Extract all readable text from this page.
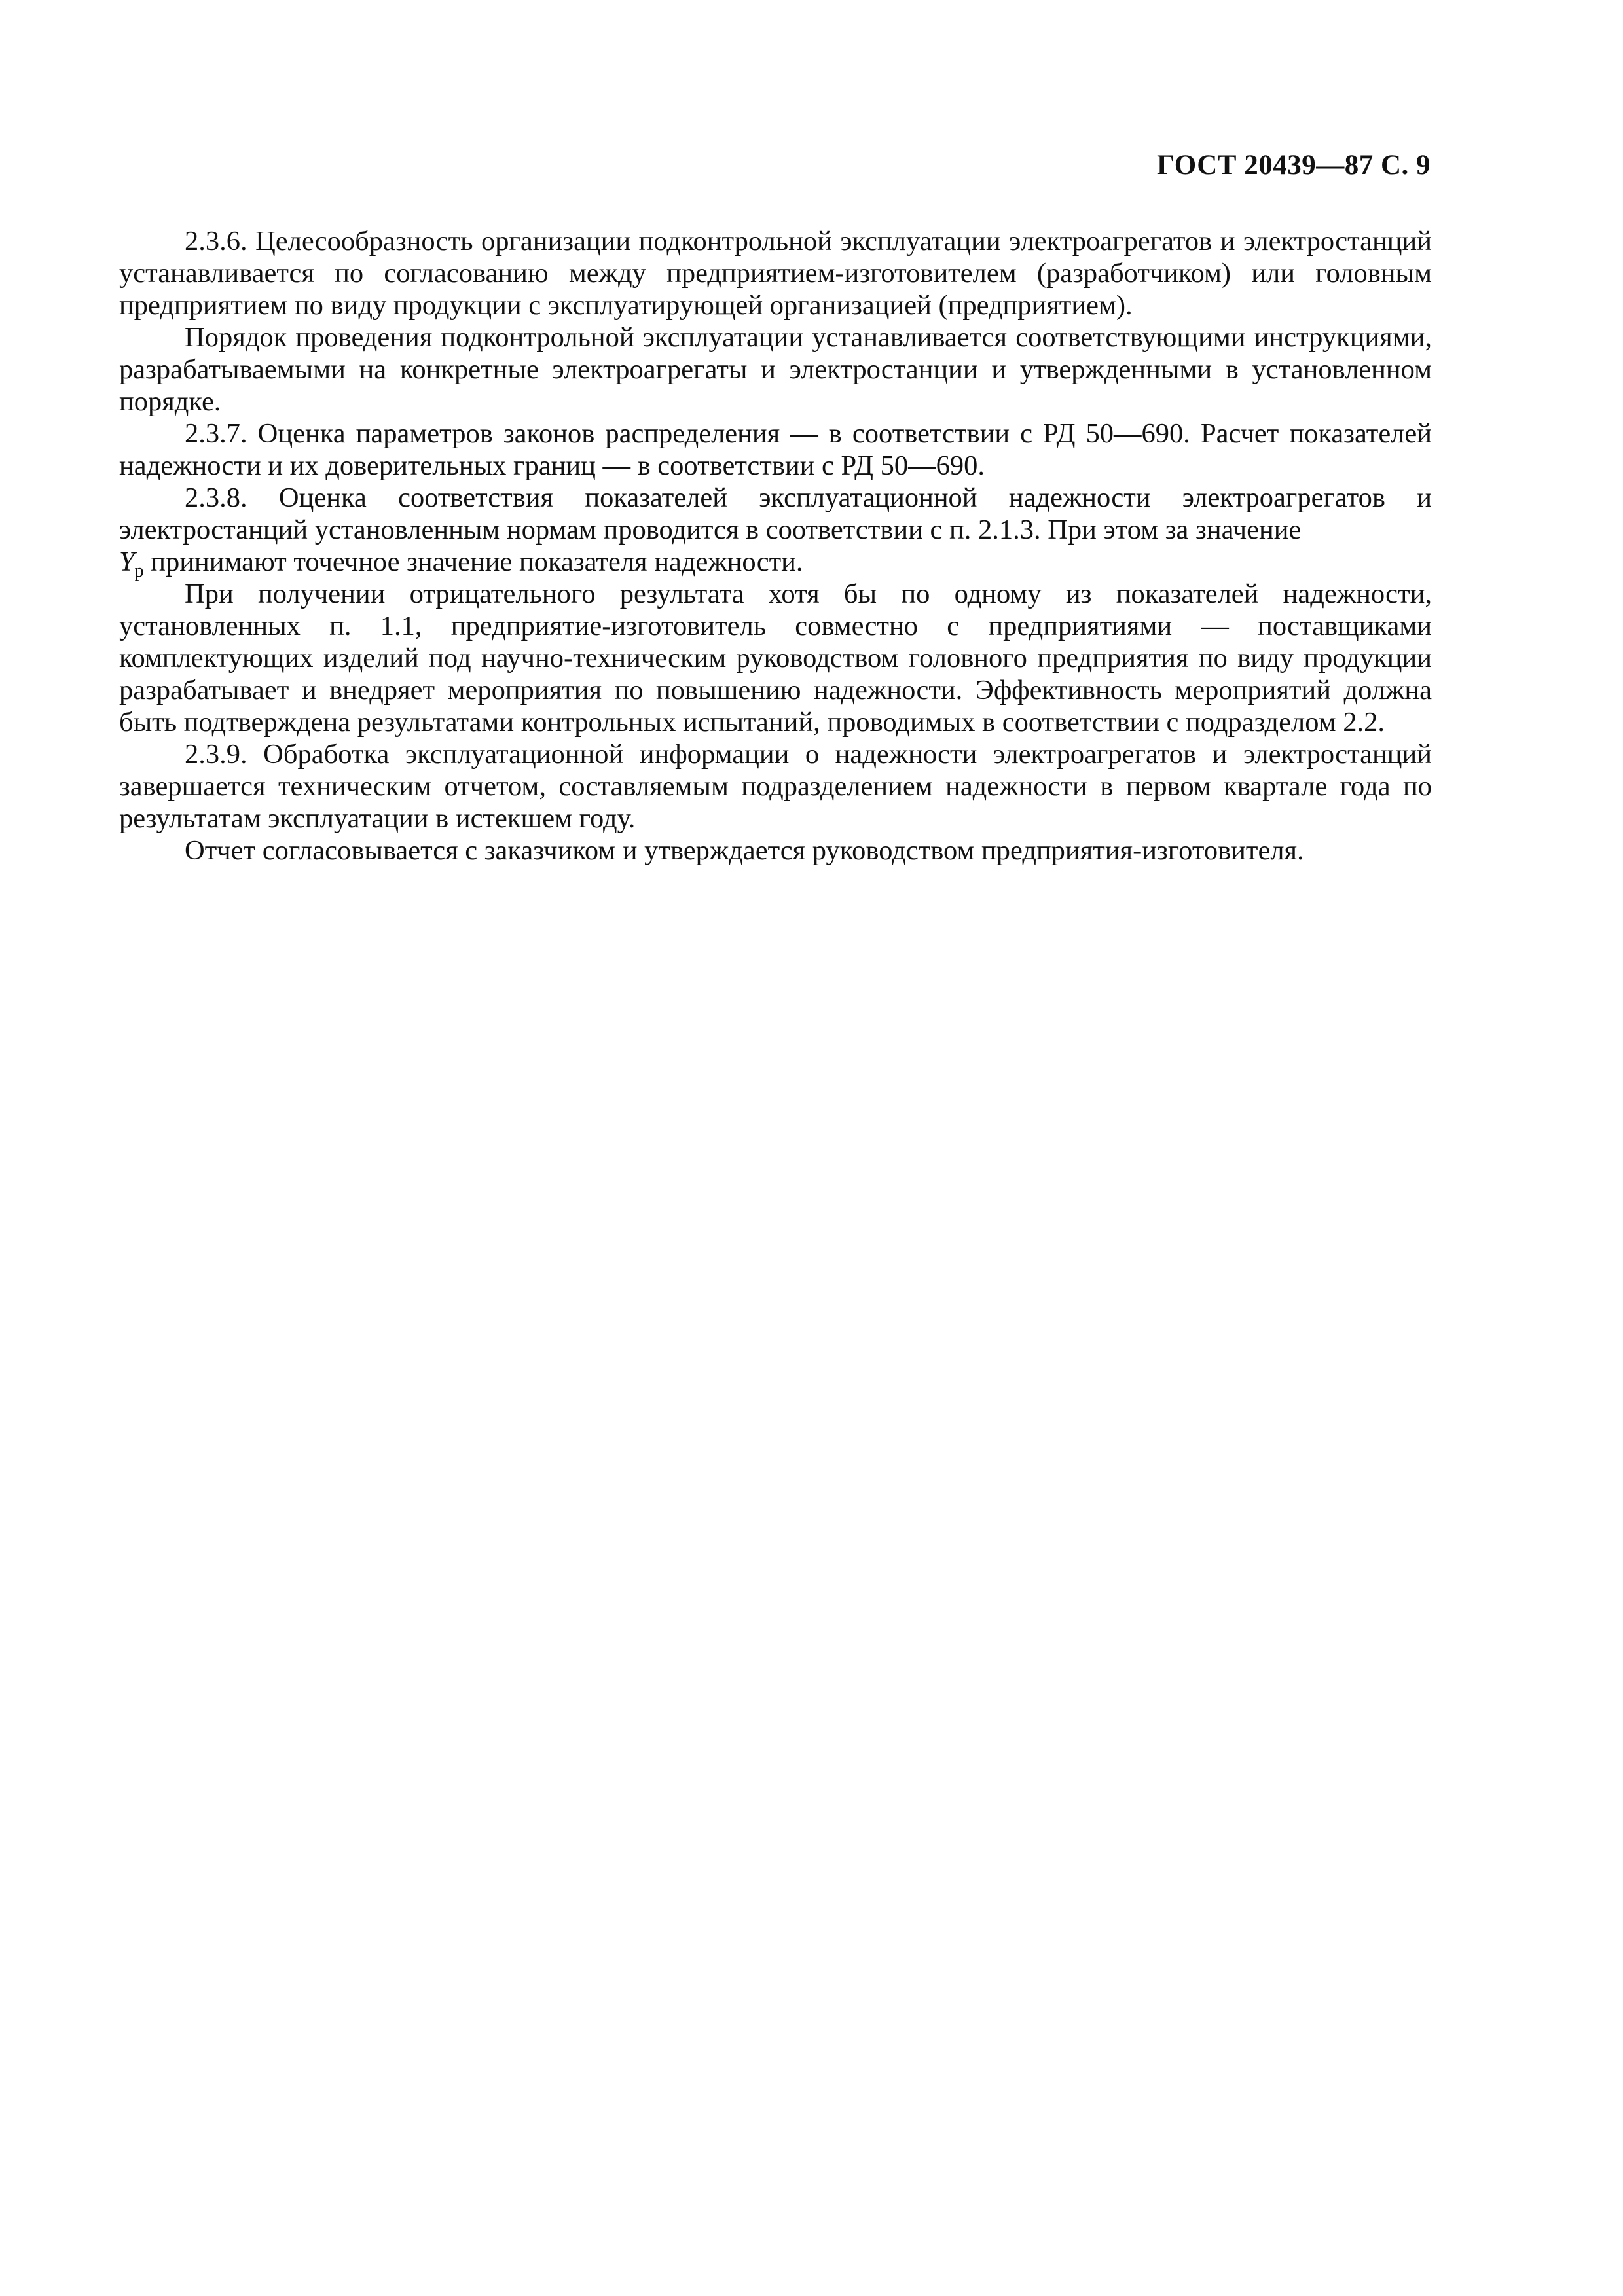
ГОСТ 20439—87 С. 9

2.3.6. Целесообразность организации подконтрольной эксплуатации электроагрегатов и электростанций устанавливается по согласованию между предприятием-изготовителем (разработчиком) или головным предприятием по виду продукции с эксплуатирующей организацией (предприятием).

Порядок проведения подконтрольной эксплуатации устанавливается соответствующими инструкциями, разрабатываемыми на конкретные электроагрегаты и электростанции и утвержденными в установленном порядке.

2.3.7. Оценка параметров законов распределения — в соответствии с РД 50—690. Расчет показателей надежности и их доверительных границ — в соответствии с РД 50—690.

2.3.8. Оценка соответствия показателей эксплуатационной надежности электроагрегатов и электростанций установленным нормам проводится в соответствии с п. 2.1.3. При этом за значение
$Y_р$ принимают точечное значение показателя надежности.

При получении отрицательного результата хотя бы по одному из показателей надежности, установленных п. 1.1, предприятие-изготовитель совместно с предприятиями — поставщиками комплектующих изделий под научно-техническим руководством головного предприятия по виду продукции разрабатывает и внедряет мероприятия по повышению надежности. Эффективность мероприятий должна быть подтверждена результатами контрольных испытаний, проводимых в соответствии с подразделом 2.2.

2.3.9. Обработка эксплуатационной информации о надежности электроагрегатов и электростанций завершается техническим отчетом, составляемым подразделением надежности в первом квартале года по результатам эксплуатации в истекшем году.

Отчет согласовывается с заказчиком и утверждается руководством предприятия-изготовителя.
